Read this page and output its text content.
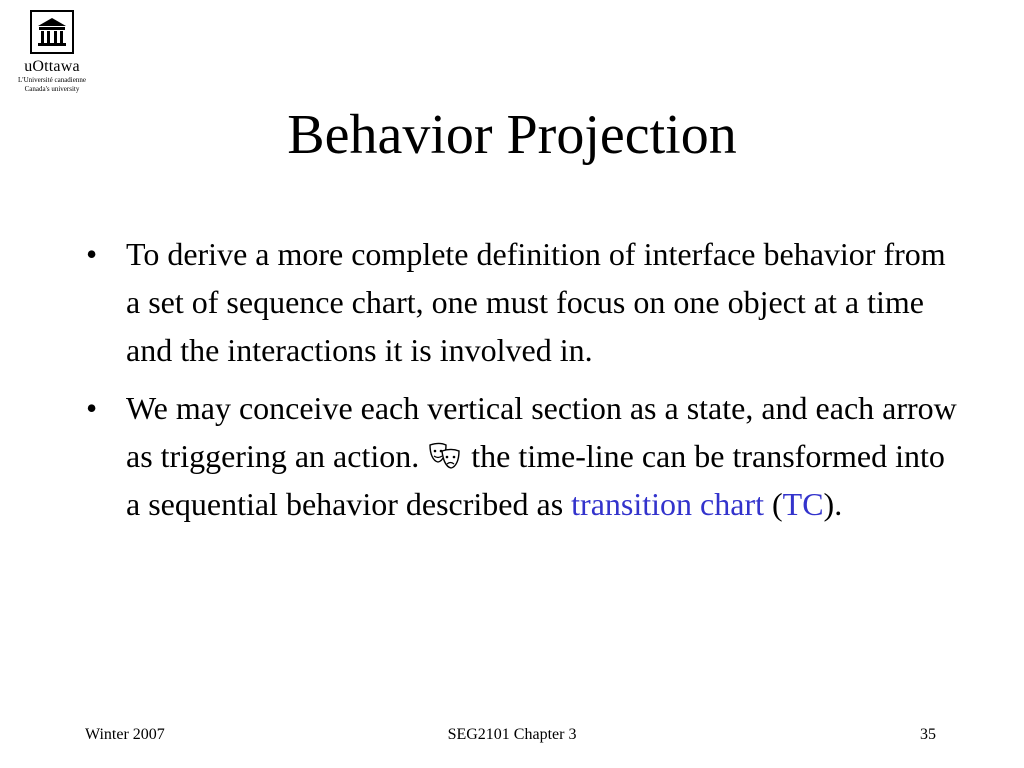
uOttawa
L'Université canadienne
Canada's university
Behavior Projection
• To derive a more complete definition of interface behavior from a set of sequence chart, one must focus on one object at a time and the interactions it is involved in.
• We may conceive each vertical section as a state, and each arrow as triggering an action. the time-line can be transformed into a sequential behavior described as transition chart (TC).
Winter 2007	SEG2101 Chapter 3	35
